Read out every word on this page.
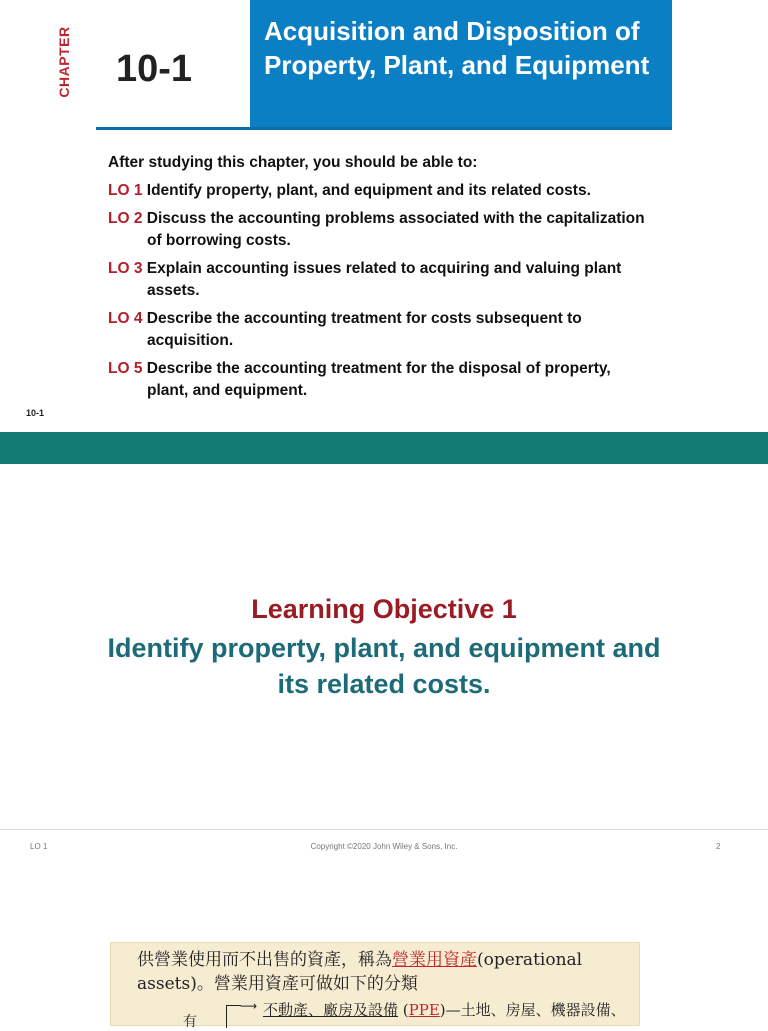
CHAPTER 10-1
Acquisition and Disposition of Property, Plant, and Equipment
After studying this chapter, you should be able to:
LO 1 Identify property, plant, and equipment and its related costs.
LO 2 Discuss the accounting problems associated with the capitalization
of borrowing costs.
LO 3 Explain accounting issues related to acquiring and valuing plant
assets.
LO 4 Describe the accounting treatment for costs subsequent to
acquisition.
LO 5 Describe the accounting treatment for the disposal of property,
plant, and equipment.
10-1
Learning Objective 1
Identify property, plant, and equipment and its related costs.
LO 1	Copyright ©2020 John Wiley & Sons, Inc.	2
供營業使用而不出售的資產，稱為營業用資產(operational
assets)。營業用資產可做如下的分類
有
⟶ 不動產、廠房及設備 (PPE)—土地、房屋、機器設備、
